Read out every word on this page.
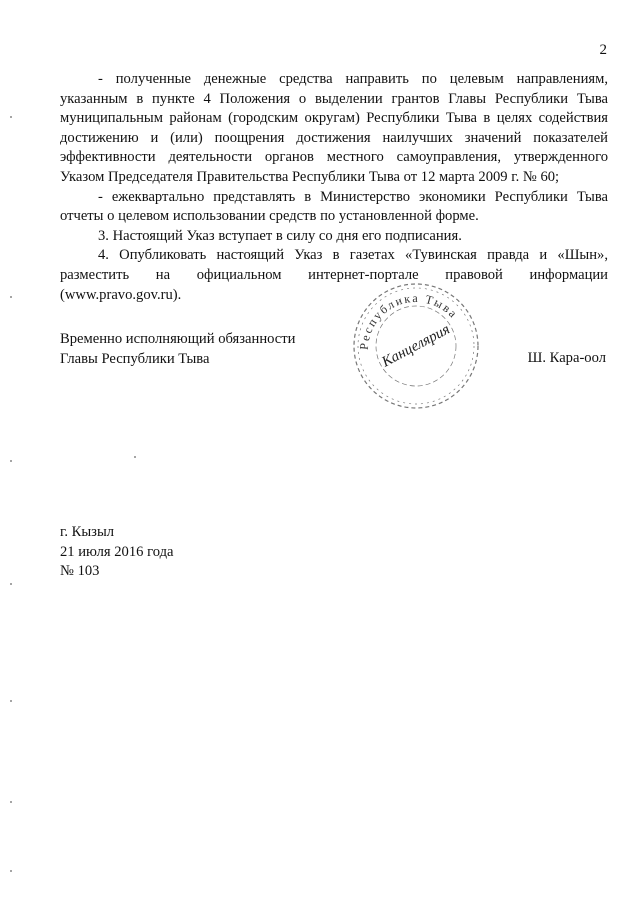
2

- полученные денежные средства направить по целевым направлениям, указанным в пункте 4 Положения о выделении грантов Главы Республики Тыва муниципальным районам (городским округам) Республики Тыва в целях содействия достижению и (или) поощрения достижения наилучших значений показателей эффективности деятельности органов местного самоуправления, утвержденного Указом Председателя Правительства Республики Тыва от 12 марта 2009 г. № 60;

- ежеквартально представлять в Министерство экономики Республики Тыва отчеты о целевом использовании средств по установленной форме.

3. Настоящий Указ вступает в силу со дня его подписания.

4. Опубликовать настоящий Указ в газетах «Тувинская правда и «Шын», разместить на официальном интернет-портале правовой информации (www.pravo.gov.ru).

Временно исполняющий обязанности
Главы Республики Тыва	Ш. Кара-оол
Республика Тыва
Канцелярия
г. Кызыл
21 июля 2016 года
№ 103
